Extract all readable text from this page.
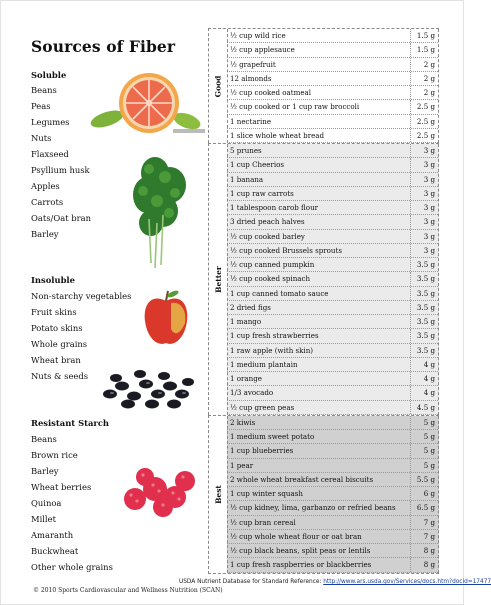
Sources of Fiber
Soluble
Beans
Peas
Legumes
Nuts
Flaxseed
Psyllium husk
Apples
Carrots
Oats/Oat bran
Barley
Insoluble
Non-starchy vegetables
Fruit skins
Potato skins
Whole grains
Wheat bran
Nuts & seeds
Resistant Starch
Beans
Brown rice
Barley
Wheat berries
Quinoa
Millet
Amaranth
Buckwheat
Other whole grains
Good
½ cup wild rice	1.5 g
½ cup applesauce	1.5 g
½ grapefruit	2 g
12 almonds	2 g
½ cup cooked oatmeal	2 g
½ cup cooked or 1 cup raw broccoli	2.5 g
1 nectarine	2.5 g
1 slice whole wheat bread	2.5 g
Better
5 prunes	3 g
1 cup Cheerios	3 g
1 banana	3 g
1 cup raw carrots	3 g
1 tablespoon carob flour	3 g
3 dried peach halves	3 g
½ cup cooked barley	3 g
½ cup cooked Brussels sprouts	3 g
½ cup canned pumpkin	3.5 g
½ cup cooked spinach	3.5 g
1 cup canned tomato sauce	3.5 g
2 dried figs	3.5 g
1 mango	3.5 g
1 cup fresh strawberries	3.5 g
1 raw apple (with skin)	3.5 g
1 medium plantain	4 g
1 orange	4 g
1/3 avocado	4 g
½ cup green peas	4.5 g
Best
2 kiwis	5 g
1 medium sweet potato	5 g
1 cup blueberries	5 g
1 pear	5 g
2 whole wheat breakfast cereal biscuits	5.5 g
1 cup winter squash	6 g
½ cup kidney, lima, garbanzo or refried beans	6.5 g
½ cup bran cereal	7 g
½ cup whole wheat flour or oat bran	7 g
½ cup black beans, split peas or lentils	8 g
1 cup fresh raspberries or blackberries	8 g
USDA Nutrient Database for Standard Reference: http://www.ars.usda.gov/Services/docs.htm?docid=17477
© 2010 Sports Cardiovascular and Wellness Nutrition (SCAN)
